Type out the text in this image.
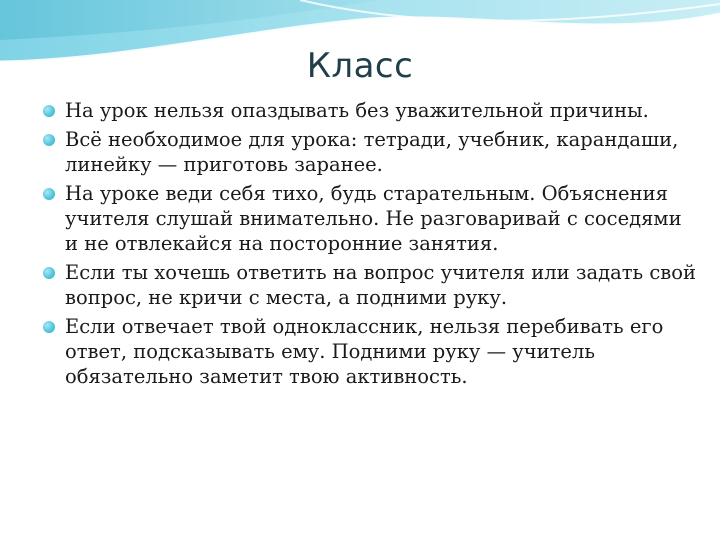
Класс
На урок нельзя опаздывать без уважительной причины.
Всё необходимое для урока: тетради, учебник, карандаши, линейку — приготовь заранее.
На уроке веди себя тихо, будь старательным. Объяснения учителя слушай внимательно. Не разговаривай с соседями и не отвлекайся на посторонние занятия.
Если ты хочешь ответить на вопрос учителя или задать свой вопрос, не кричи с места, а подними руку.
Если отвечает твой одноклассник, нельзя перебивать его ответ, подсказывать ему. Подними руку — учитель обязательно заметит твою активность.
